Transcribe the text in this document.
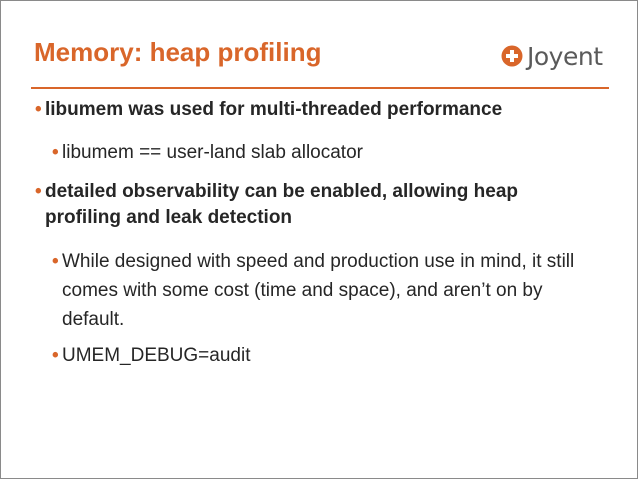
Memory: heap profiling	Joyent
• libumem was used for multi-threaded performance
• libumem == user-land slab allocator
• detailed observability can be enabled, allowing heap profiling and leak detection
• While designed with speed and production use in mind, it still comes with some cost (time and space), and aren’t on by default.
• UMEM_DEBUG=audit
